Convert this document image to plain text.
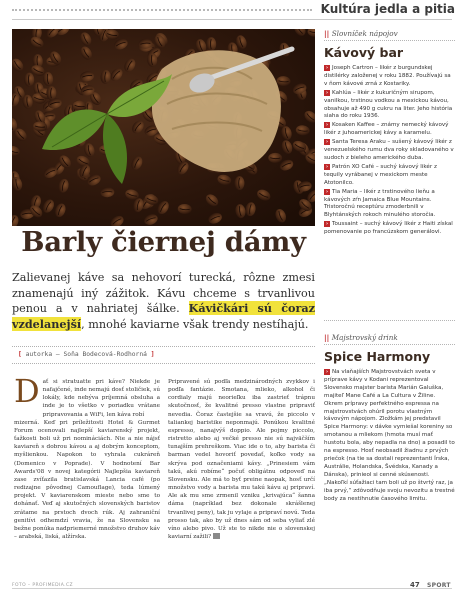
Kultúra jedla a pitia
Barly čiernej dámy
Zalievanej káve sa nehovorí turecká, rôzne zmesi znamenajú iný zážitok. Kávu chceme s trvanlivou penou a v nahriatej šálke. Kávičkári sú čoraz vzdelanejší, mnohé kaviarne však trendy nestíhajú.
[ autorka – Soňa Bodecová-Rodhorná ]
D ať si stratuatte pri káve? Niekde je nafajčené, inde nemajú dosť stoličiek, sú lokály, kde nebýva príjemná obsluha a inde je to všetko v poriadku vrátane pripravovania a WiFi, len káva robí

mizerná. Keď pri príležitosti Hotel & Gurmet Forum ocenovali najlepší kaviarenský projekt, ťažkosti boli už pri nomináciách. Nie a nie nájsť kaviareň s dobrou kávou a aj dobrým konceptom, myšlienkou. Napokon to vyhrala cukráreň (Domenico v Poprade). V hodnotení Bar Awards'08 v novej kategórii Najlepšia kaviareň zase zvíťazila bratislavská Lancia café (po redizajne pôvodnej Camouflage), teda lúmený projekt. V kaviarenskom mieste nebo sme to dohánať. Veď aj skutočných slovenských baristov zrátame na prstoch dvoch rúk. Aj zahraniční genitívi odhemdzí vravia, že na Slovensku sa bežne ponúka nadpriemerné množstvo druhov káv – arabská, liská, alžírska.

Pripravené sú podľa medzinárodných zvykkov i podľa fantázie. Smotana, mlieko, alkohol či cordialy majú neorieľku iba zastrieť trápnu skutočnosť, že kvalitné presso vlastne pripraviť nevedia. Čoraz častejšie sa vravú, že piccolo v taliankej baristike neponmajú. Ponúkou kvalitné espresso, nanajvýš doppio. Ale pojmy piccolo, ristretto alebo aj večké presso nie sú najväčším tunajším prehreškom. Viac ide o to, aby barista či barman vedel hovoriť povedať, koľko vody sa skrýva pod označeniami kávy. „Prinesiem vám takú, akú robíme“ počuť obligátnu odpoveď na Slovensku. Ale má to byť preine naopak, hosť určí množstvo vody a barista mu takú kávu aj pripraví. Ale ak mu sme zrmenil vzniku „krivajúca“ šanna dáma (napríklad bez dokonale skrášlenej trvanlivej peny), tak ju vylaje a pripraví novú. Teda prosso tak, ako by už dnes sám od seba vyliať zlé víno alebo pivo. Už ste to nikde nie o slovenskej kaviarní zažili?

|| Slovníček nápojov
Kávový bar
› Joseph Cartron – likér z burgundskej distilérky založenej v roku 1882. Používajú sa v ňom kávové zrná z Kostariky.
› Kahlúa – likér z kukuričným sirupom, vanilkou, trstinou vodkou a mexickou kávou, obsahuje až 490 g cukru na liter. Jeho história siaha do roku 1936.
› Kosaken Kaffee – známy nemecký kávový likér z juhoamerickej kávy a karamelu.
› Santa Teresa Araku – sušený kávový likér z venezuelského rumu dva roky skladovaného v sudoch z bieleho amerického duba.
› Patrón XO Café – suchý kávový likér z tequily vyrábanej v mexickom meste Atotonilco.
› Tia Maria – likér z trstinového lieňu a kávových zŕn Jamaica Blue Mountains. Tristoročnú receptúru zmoderbnili v Blyhtánských rokoch minulého storočia.
› Toussaint – suchý kávový likér z Haiti získal pomenovanie po francúzskom generálovi.
|| Majstrovský drink
Spice Harmony

› Na vlaňajších Majstrovstvách sveta v príprave kávy v Kodani reprezentoval Slovensko majster barista Marián Galuška, majiteľ Mane Café a La Cultura v Žiline. Okrem prípravy perfektného espressa na majstrovstvách ohúril porotu vlastným kávovým nápojom. Zložkám jej predstavil Spice Harmony: v dávke vymiešal koreniny so smotanou a mliekom (hmota musí mať hustotu bola, aby nepadla na dno) a posadil to na espresso. Hosť neobsadil žiadnu z prvých priečok (na tie sa dostali reprezentanti Írska, Austrálie, Holandska, Švédska, Kanady a Dánska), prinieol si cenné skúsenosti. „Nakoľkí súťažiaci tam boli už po štvrtý raz, ja iba prvý,“ zdôvodňuje svoju nevozitu a trestné body za nestihnutie časového limitu.

FOTO – PROFIMEDIA.CZ	47 SPORT
